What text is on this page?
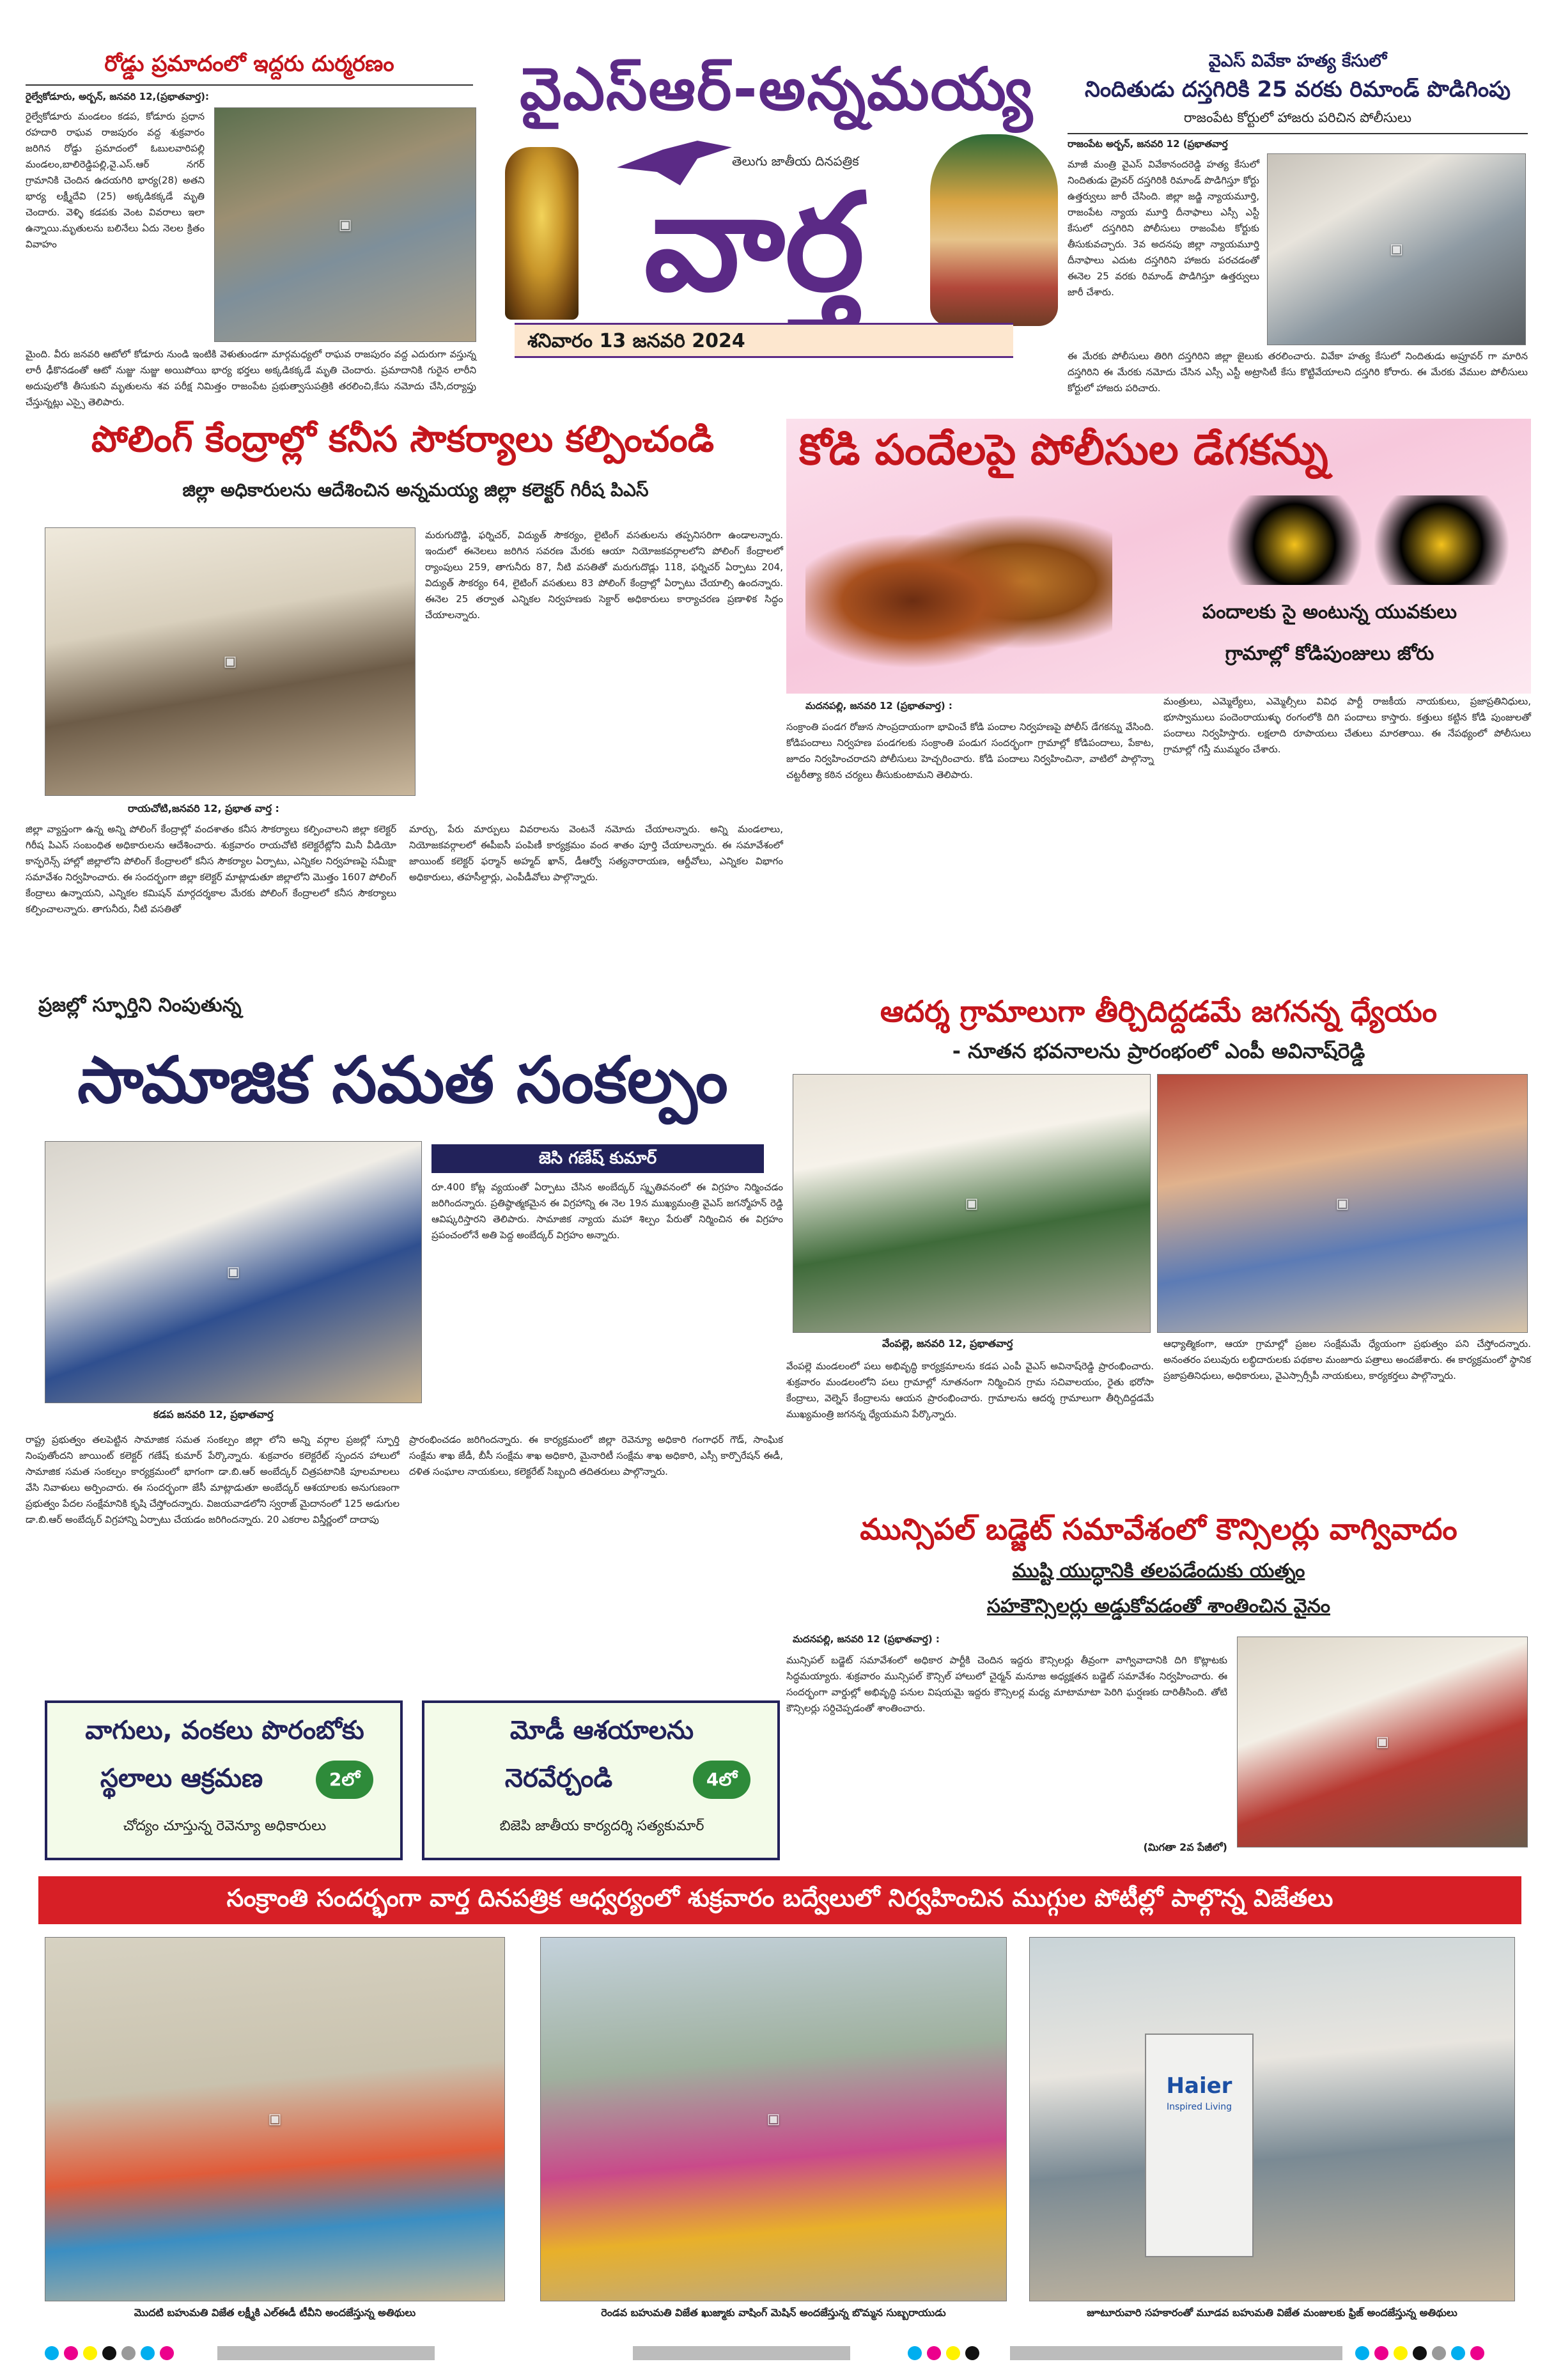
రోడ్డు ప్రమాదంలో ఇద్దరు దుర్మరణం
రైల్వేకోడూరు, అర్బన్, జనవరి 12,(ప్రభాతవార్త):
రైల్వేకోడూరు మండలం కడప, కోడూరు ప్రధాన రహదారి రాఘవ రాజపురం వద్ద శుక్రవారం జరిగిన రోడ్డు ప్రమాదంలో ఓబులవారిపల్లి మండలం,బాలిరెడ్డిపల్లి,వై.ఎస్.ఆర్ నగర్ గ్రామానికి చెందిన ఉదయగిరి భార్య(28) అతని భార్య లక్ష్మీదేవి (25) అక్కడికక్కడే మృతి చెందారు. వెళ్ళి కడపకు వెంట వివరాలు ఇలా ఉన్నాయి.మృతులను బలినేలు ఏదు నెలల క్రితం వివాహం
▣
మైంది. వీరు జనవరి ఆటోలో కోడూరు నుండి ఇంటికి వెళుతుండగా మార్గమధ్యలో రాఘవ రాజపురం వద్ద ఎదురుగా వస్తున్న లారీ ఢీకొనడంతో ఆటో నుజ్జు నుజ్జు అయిపోయి భార్య భర్తలు అక్కడికక్కడే మృతి చెందారు. ప్రమాదానికి గురైన లారీని అదుపులోకి తీసుకుని మృతులను శవ పరీక్ష నిమిత్తం రాజంపేట ప్రభుత్వాసుపత్రికి తరలించి,కేసు నమోదు చేసి,దర్యాప్తు చేస్తున్నట్లు ఎస్సై తెలిపారు.
వైఎస్ఆర్-అన్నమయ్య
తెలుగు జాతీయ దినపత్రిక
వార్త
శనివారం 13 జనవరి 2024
వైఎస్ వివేకా హత్య కేసులో
నిందితుడు దస్తగిరికి 25 వరకు రిమాండ్ పొడిగింపు
రాజంపేట కోర్టులో హాజరు పరిచిన పోలీసులు
రాజంపేట అర్బన్, జనవరి 12 (ప్రభాతవార్త
మాజీ మంత్రి వైఎస్ వివేకానందరెడ్డి హత్య కేసులో నిందితుడు డ్రైవర్ దస్తగిరికి రిమాండ్ పొడిగిస్తూ కోర్టు ఉత్తర్వులు జారీ చేసింది. జిల్లా జడ్జి న్యాయమూర్తి, రాజంపేట న్యాయ మూర్తి దీనాఫాలు ఎస్సీ ఎస్టీ కేసులో దస్తగిరిని పోలీసులు రాజంపేట కోర్టుకు తీసుకువచ్చారు. 3వ అదనపు జిల్లా న్యాయమూర్తి దీనాఫాలు ఎదుట దస్తగిరిని హాజరు పరచడంతో ఈనెల 25 వరకు రిమాండ్ పొడిగిస్తూ ఉత్తర్వులు జారీ చేశారు.
▣
ఈ మేరకు పోలీసులు తిరిగి దస్తగిరిని జిల్లా జైలుకు తరలించారు. వివేకా హత్య కేసులో నిందితుడు అప్రూవర్ గా మారిన దస్తగిరిని ఈ మేరకు నమోదు చేసిన ఎస్సీ ఎస్టీ అట్రాసిటీ కేసు కొట్టివేయాలని దస్తగిరి కోరారు. ఈ మేరకు వేముల పోలీసులు కోర్టులో హాజరు పరిచారు.
పోలింగ్ కేంద్రాల్లో కనీస సౌకర్యాలు కల్పించండి
జిల్లా అధికారులను ఆదేశించిన అన్నమయ్య జిల్లా కలెక్టర్ గిరీష పిఎస్
▣
రాయచోటి,జనవరి 12, ప్రభాత వార్త :
మరుగుదొడ్డి, ఫర్నిచర్, విద్యుత్ సౌకర్యం, లైటింగ్ వసతులను తప్పనిసరిగా ఉండాలన్నారు. ఇందులో ఈనెలలు జరిగిన సవరణ మేరకు ఆయా నియోజకవర్గాలలోని పోలింగ్ కేంద్రాలలో ర్యాంపులు 259, తాగునీరు 87, నీటి వసతితో మరుగుదొడ్లు 118, ఫర్నిచర్ ఏర్పాటు 204, విద్యుత్ సౌకర్యం 64, లైటింగ్ వసతులు 83 పోలింగ్ కేంద్రాల్లో ఏర్పాటు చేయాల్సి ఉందన్నారు. ఈనెల 25 తర్వాత ఎన్నికల నిర్వహణకు సెక్టార్ అధికారులు కార్యాచరణ ప్రణాళిక సిద్ధం చేయాలన్నారు.
జిల్లా వ్యాప్తంగా ఉన్న అన్ని పోలింగ్ కేంద్రాల్లో వందశాతం కనీస సౌకర్యాలు కల్పించాలని జిల్లా కలెక్టర్ గిరీష పిఎస్ సంబంధిత అధికారులను ఆదేశించారు. శుక్రవారం రాయచోటి కలెక్టరేట్లోని మినీ వీడియో కాన్ఫరెన్స్ హాల్లో జిల్లాలోని పోలింగ్ కేంద్రాలలో కనీస సౌకర్యాల ఏర్పాటు, ఎన్నికల నిర్వహణపై సమీక్షా సమావేశం నిర్వహించారు. ఈ సందర్భంగా జిల్లా కలెక్టర్ మాట్లాడుతూ జిల్లాలోని మొత్తం 1607 పోలింగ్ కేంద్రాలు ఉన్నాయని, ఎన్నికల కమిషన్ మార్గదర్శకాల మేరకు పోలింగ్ కేంద్రాలలో కనీస సౌకర్యాలు కల్పించాలన్నారు. తాగునీరు, నీటి వసతితో
మార్చు, పేరు మార్పులు వివరాలను వెంటనే నమోదు చేయాలన్నారు. అన్ని మండలాలు, నియోజకవర్గాలలో ఈపీఐసీ పంపిణీ కార్యక్రమం వంద శాతం పూర్తి చేయాలన్నారు. ఈ సమావేశంలో జాయింట్ కలెక్టర్ ఫర్మాన్ అహ్మద్ ఖాన్, డీఆర్వో సత్యనారాయణ, ఆర్డీవోలు, ఎన్నికల విభాగం అధికారులు, తహసీల్దార్లు, ఎంపీడీవోలు పాల్గొన్నారు.
కోడి పందేలపై పోలీసుల డేగకన్ను
పందాలకు సై అంటున్న యువకులు
గ్రామాల్లో కోడిపుంజులు జోరు
మదనపల్లి, జనవరి 12 (ప్రభాతవార్త) :
సంక్రాంతి పండగ రోజున సాంప్రదాయంగా భావించే కోడి పందాల నిర్వహణపై పోలీస్ డేగకన్ను వేసింది. కోడిపందాలు నిర్వహణ పండగలకు సంక్రాంతి పండుగ సందర్భంగా గ్రామాల్లో కోడిపందాలు, పేకాట, జూదం నిర్వహించరాదని పోలీసులు హెచ్చరించారు. కోడి పందాలు నిర్వహించినా, వాటిలో పాల్గొన్నా చట్టరీత్యా కఠిన చర్యలు తీసుకుంటామని తెలిపారు.
మంత్రులు, ఎమ్మెల్యేలు, ఎమ్మెల్సీలు వివిధ పార్టీ రాజకీయ నాయకులు, ప్రజాప్రతినిధులు, భూస్వాములు పందెంరాయుళ్ళు రంగంలోకి దిగి పందాలు కాస్తారు. కత్తులు కట్టిన కోడి పుంజులతో పందాలు నిర్వహిస్తారు. లక్షలాది రూపాయలు చేతులు మారతాయి. ఈ నేపథ్యంలో పోలీసులు గ్రామాల్లో గస్తీ ముమ్మరం చేశారు.
ఆదర్శ గ్రామాలుగా తీర్చిదిద్దడమే జగనన్న ధ్యేయం
- నూతన భవనాలను ప్రారంభంలో ఎంపీ అవినాష్‌రెడ్డి
▣	▣
వేంపల్లె, జనవరి 12, ప్రభాతవార్త
వేంపల్లె మండలంలో పలు అభివృద్ధి కార్యక్రమాలను కడప ఎంపీ వైఎస్ అవినాష్‌రెడ్డి ప్రారంభించారు. శుక్రవారం మండలంలోని పలు గ్రామాల్లో నూతనంగా నిర్మించిన గ్రామ సచివాలయం, రైతు భరోసా కేంద్రాలు, వెల్నెస్ కేంద్రాలను ఆయన ప్రారంభించారు. గ్రామాలను ఆదర్శ గ్రామాలుగా తీర్చిదిద్దడమే ముఖ్యమంత్రి జగనన్న ధ్యేయమని పేర్కొన్నారు.
ఆధ్యాత్మికంగా, ఆయా గ్రామాల్లో ప్రజల సంక్షేమమే ధ్యేయంగా ప్రభుత్వం పని చేస్తోందన్నారు. అనంతరం పలువురు లబ్ధిదారులకు పథకాల మంజూరు పత్రాలు అందజేశారు. ఈ కార్యక్రమంలో స్థానిక ప్రజాప్రతినిధులు, అధికారులు, వైఎస్సార్సీపీ నాయకులు, కార్యకర్తలు పాల్గొన్నారు.
ప్రజల్లో స్ఫూర్తిని నింపుతున్న
సామాజిక సమత సంకల్పం
▣
కడప జనవరి 12, ప్రభాతవార్త
జెసి గణేష్ కుమార్
రూ.400 కోట్ల వ్యయంతో ఏర్పాటు చేసిన అంబేద్కర్ స్మృతివనంలో ఈ విగ్రహం నిర్మించడం జరిగిందన్నారు. ప్రతిష్ఠాత్మకమైన ఈ విగ్రహాన్ని ఈ నెల 19న ముఖ్యమంత్రి వైఎస్ జగన్మోహన్ రెడ్డి ఆవిష్కరిస్తారని తెలిపారు. సామాజిక న్యాయ మహా శిల్పం పేరుతో నిర్మించిన ఈ విగ్రహం ప్రపంచంలోనే అతి పెద్ద అంబేద్కర్ విగ్రహం అన్నారు.
రాష్ట్ర ప్రభుత్వం తలపెట్టిన సామాజిక సమత సంకల్పం జిల్లా లోని అన్ని వర్గాల ప్రజల్లో స్ఫూర్తి నింపుతోందని జాయింట్ కలెక్టర్ గణేష్ కుమార్ పేర్కొన్నారు. శుక్రవారం కలెక్టరేట్ స్పందన హాలులో సామాజిక సమత సంకల్పం కార్యక్రమంలో భాగంగా డా.బి.ఆర్ అంబేద్కర్ చిత్రపటానికి పూలమాలలు వేసి నివాళులు అర్పించారు. ఈ సందర్భంగా జేసీ మాట్లాడుతూ అంబేద్కర్ ఆశయాలకు అనుగుణంగా ప్రభుత్వం పేదల సంక్షేమానికి కృషి చేస్తోందన్నారు. విజయవాడలోని స్వరాజ్ మైదానంలో 125 అడుగుల డా.బి.ఆర్ అంబేద్కర్ విగ్రహాన్ని ఏర్పాటు చేయడం జరిగిందన్నారు. 20 ఎకరాల విస్తీర్ణంలో దాదాపు
ప్రారంభించడం జరిగిందన్నారు. ఈ కార్యక్రమంలో జిల్లా రెవెన్యూ అధికారి గంగాధర్ గౌడ్, సాంఘిక సంక్షేమ శాఖ జేడీ, బీసీ సంక్షేమ శాఖ అధికారి, మైనారిటీ సంక్షేమ శాఖ అధికారి, ఎస్సీ కార్పొరేషన్ ఈడీ, దళిత సంఘాల నాయకులు, కలెక్టరేట్ సిబ్బంది తదితరులు పాల్గొన్నారు.
వాగులు, వంకలు పొరంబోకు
స్థలాలు ఆక్రమణ	2లో
చోద్యం చూస్తున్న రెవెన్యూ అధికారులు
మోడీ ఆశయాలను
నెరవేర్చండి	4లో
బిజెపి జాతీయ కార్యదర్శి సత్యకుమార్
మున్సిపల్ బడ్జెట్ సమావేశంలో కౌన్సిలర్లు వాగ్వివాదం
ముష్టి యుద్ధానికి తలపడేందుకు యత్నం
సహకౌన్సిలర్లు అడ్డుకోవడంతో శాంతించిన వైనం
మదనపల్లి, జనవరి 12 (ప్రభాతవార్త) :
మున్సిపల్ బడ్జెట్ సమావేశంలో అధికార పార్టీకి చెందిన ఇద్దరు కౌన్సిలర్లు తీవ్రంగా వాగ్వివాదానికి దిగి కొట్లాటకు సిద్ధమయ్యారు. శుక్రవారం మున్సిపల్ కౌన్సిల్ హాలులో చైర్మన్ మనూజ అధ్యక్షతన బడ్జెట్ సమావేశం నిర్వహించారు. ఈ సందర్భంగా వార్డుల్లో అభివృద్ధి పనుల విషయమై ఇద్దరు కౌన్సిలర్ల మధ్య మాటామాటా పెరిగి ఘర్షణకు దారితీసింది. తోటి కౌన్సిలర్లు సర్దిచెప్పడంతో శాంతించారు.
(మిగతా 2వ పేజీలో)
▣
సంక్రాంతి సందర్భంగా వార్త దినపత్రిక ఆధ్వర్యంలో శుక్రవారం బద్వేలులో నిర్వహించిన ముగ్గుల పోటీల్లో పాల్గొన్న విజేతలు
▣
మొదటి బహుమతి విజేత లక్ష్మీకి ఎల్‌ఈడీ టీవీని అందజేస్తున్న అతిథులు
▣
రెండవ బహుమతి విజేత ఖుజ్మాకు వాషింగ్ మెషిన్ అందజేస్తున్న బొమ్మన సుబ్బరాయుడు
Haier
Inspired Living
జూటూరువారి సహకారంతో మూడవ బహుమతి విజేత మంజులకు ఫ్రిజ్ అందజేస్తున్న అతిథులు
